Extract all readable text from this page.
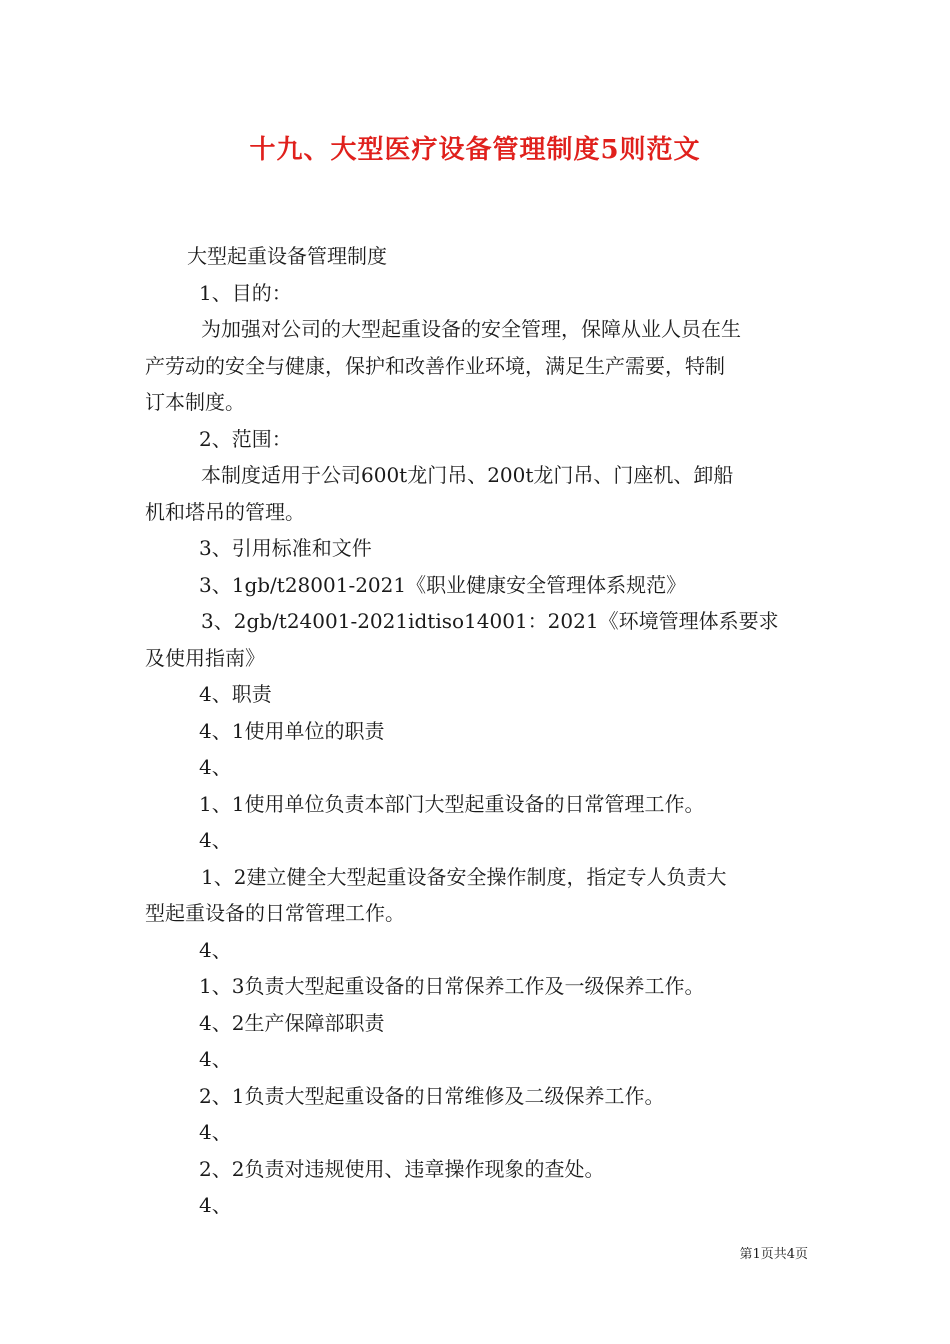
十九、大型医疗设备管理制度5则范文
大型起重设备管理制度
1、目的：
为加强对公司的大型起重设备的安全管理，保障从业人员在生
产劳动的安全与健康，保护和改善作业环境，满足生产需要，特制
订本制度。
2、范围：
本制度适用于公司600t龙门吊、200t龙门吊、门座机、卸船
机和塔吊的管理。
3、引用标准和文件
3、1gb/t28001-2021《职业健康安全管理体系规范》
3、2gb/t24001-2021idtiso14001：2021《环境管理体系要求
及使用指南》
4、职责
4、1使用单位的职责
4、
1、1使用单位负责本部门大型起重设备的日常管理工作。
4、
1、2建立健全大型起重设备安全操作制度，指定专人负责大
型起重设备的日常管理工作。
4、
1、3负责大型起重设备的日常保养工作及一级保养工作。
4、2生产保障部职责
4、
2、1负责大型起重设备的日常维修及二级保养工作。
4、
2、2负责对违规使用、违章操作现象的查处。
4、
第1页共4页
